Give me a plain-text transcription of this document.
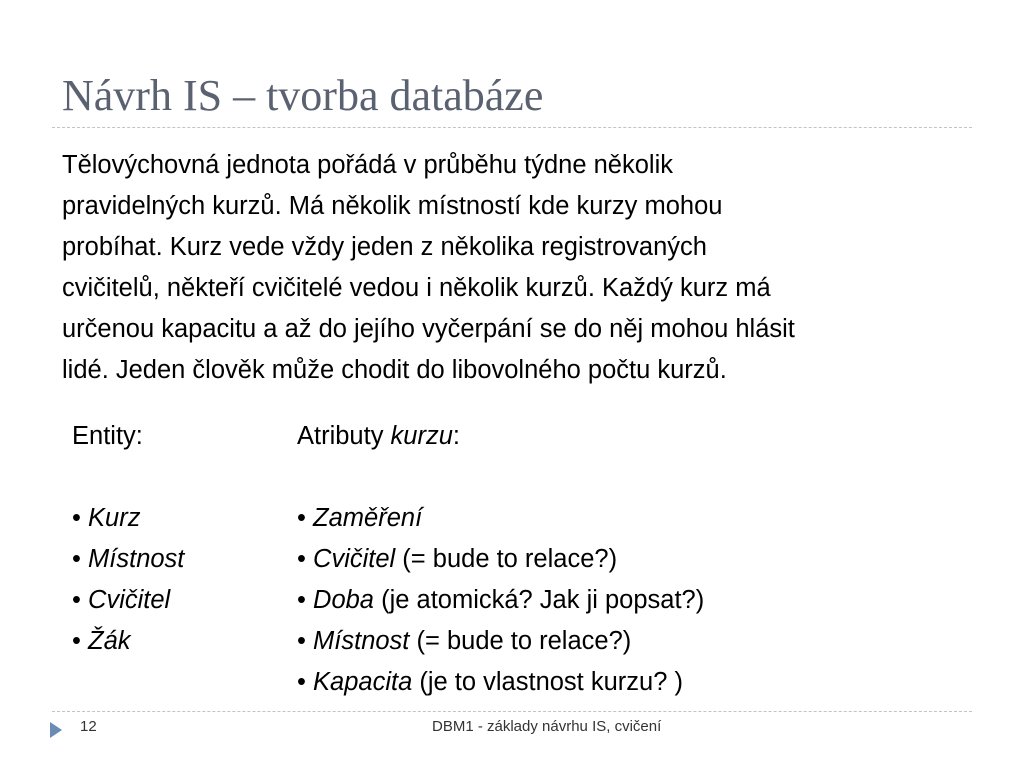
Návrh IS – tvorba databáze
Tělovýchovná jednota pořádá v průběhu týdne několik
pravidelných kurzů. Má několik místností kde kurzy mohou
probíhat. Kurz vede vždy jeden z několika registrovaných
cvičitelů, někteří cvičitelé vedou i několik kurzů. Každý kurz má
určenou kapacitu a až do jejího vyčerpání se do něj mohou hlásit
lidé. Jeden člověk může chodit do libovolného počtu kurzů.
Entity:
• Kurz
• Místnost
• Cvičitel
• Žák
Atributy kurzu:
• Zaměření
• Cvičitel (= bude to relace?)
• Doba (je atomická? Jak ji popsat?)
• Místnost (= bude to relace?)
• Kapacita (je to vlastnost kurzu? )
12	DBM1 - základy návrhu IS, cvičení
